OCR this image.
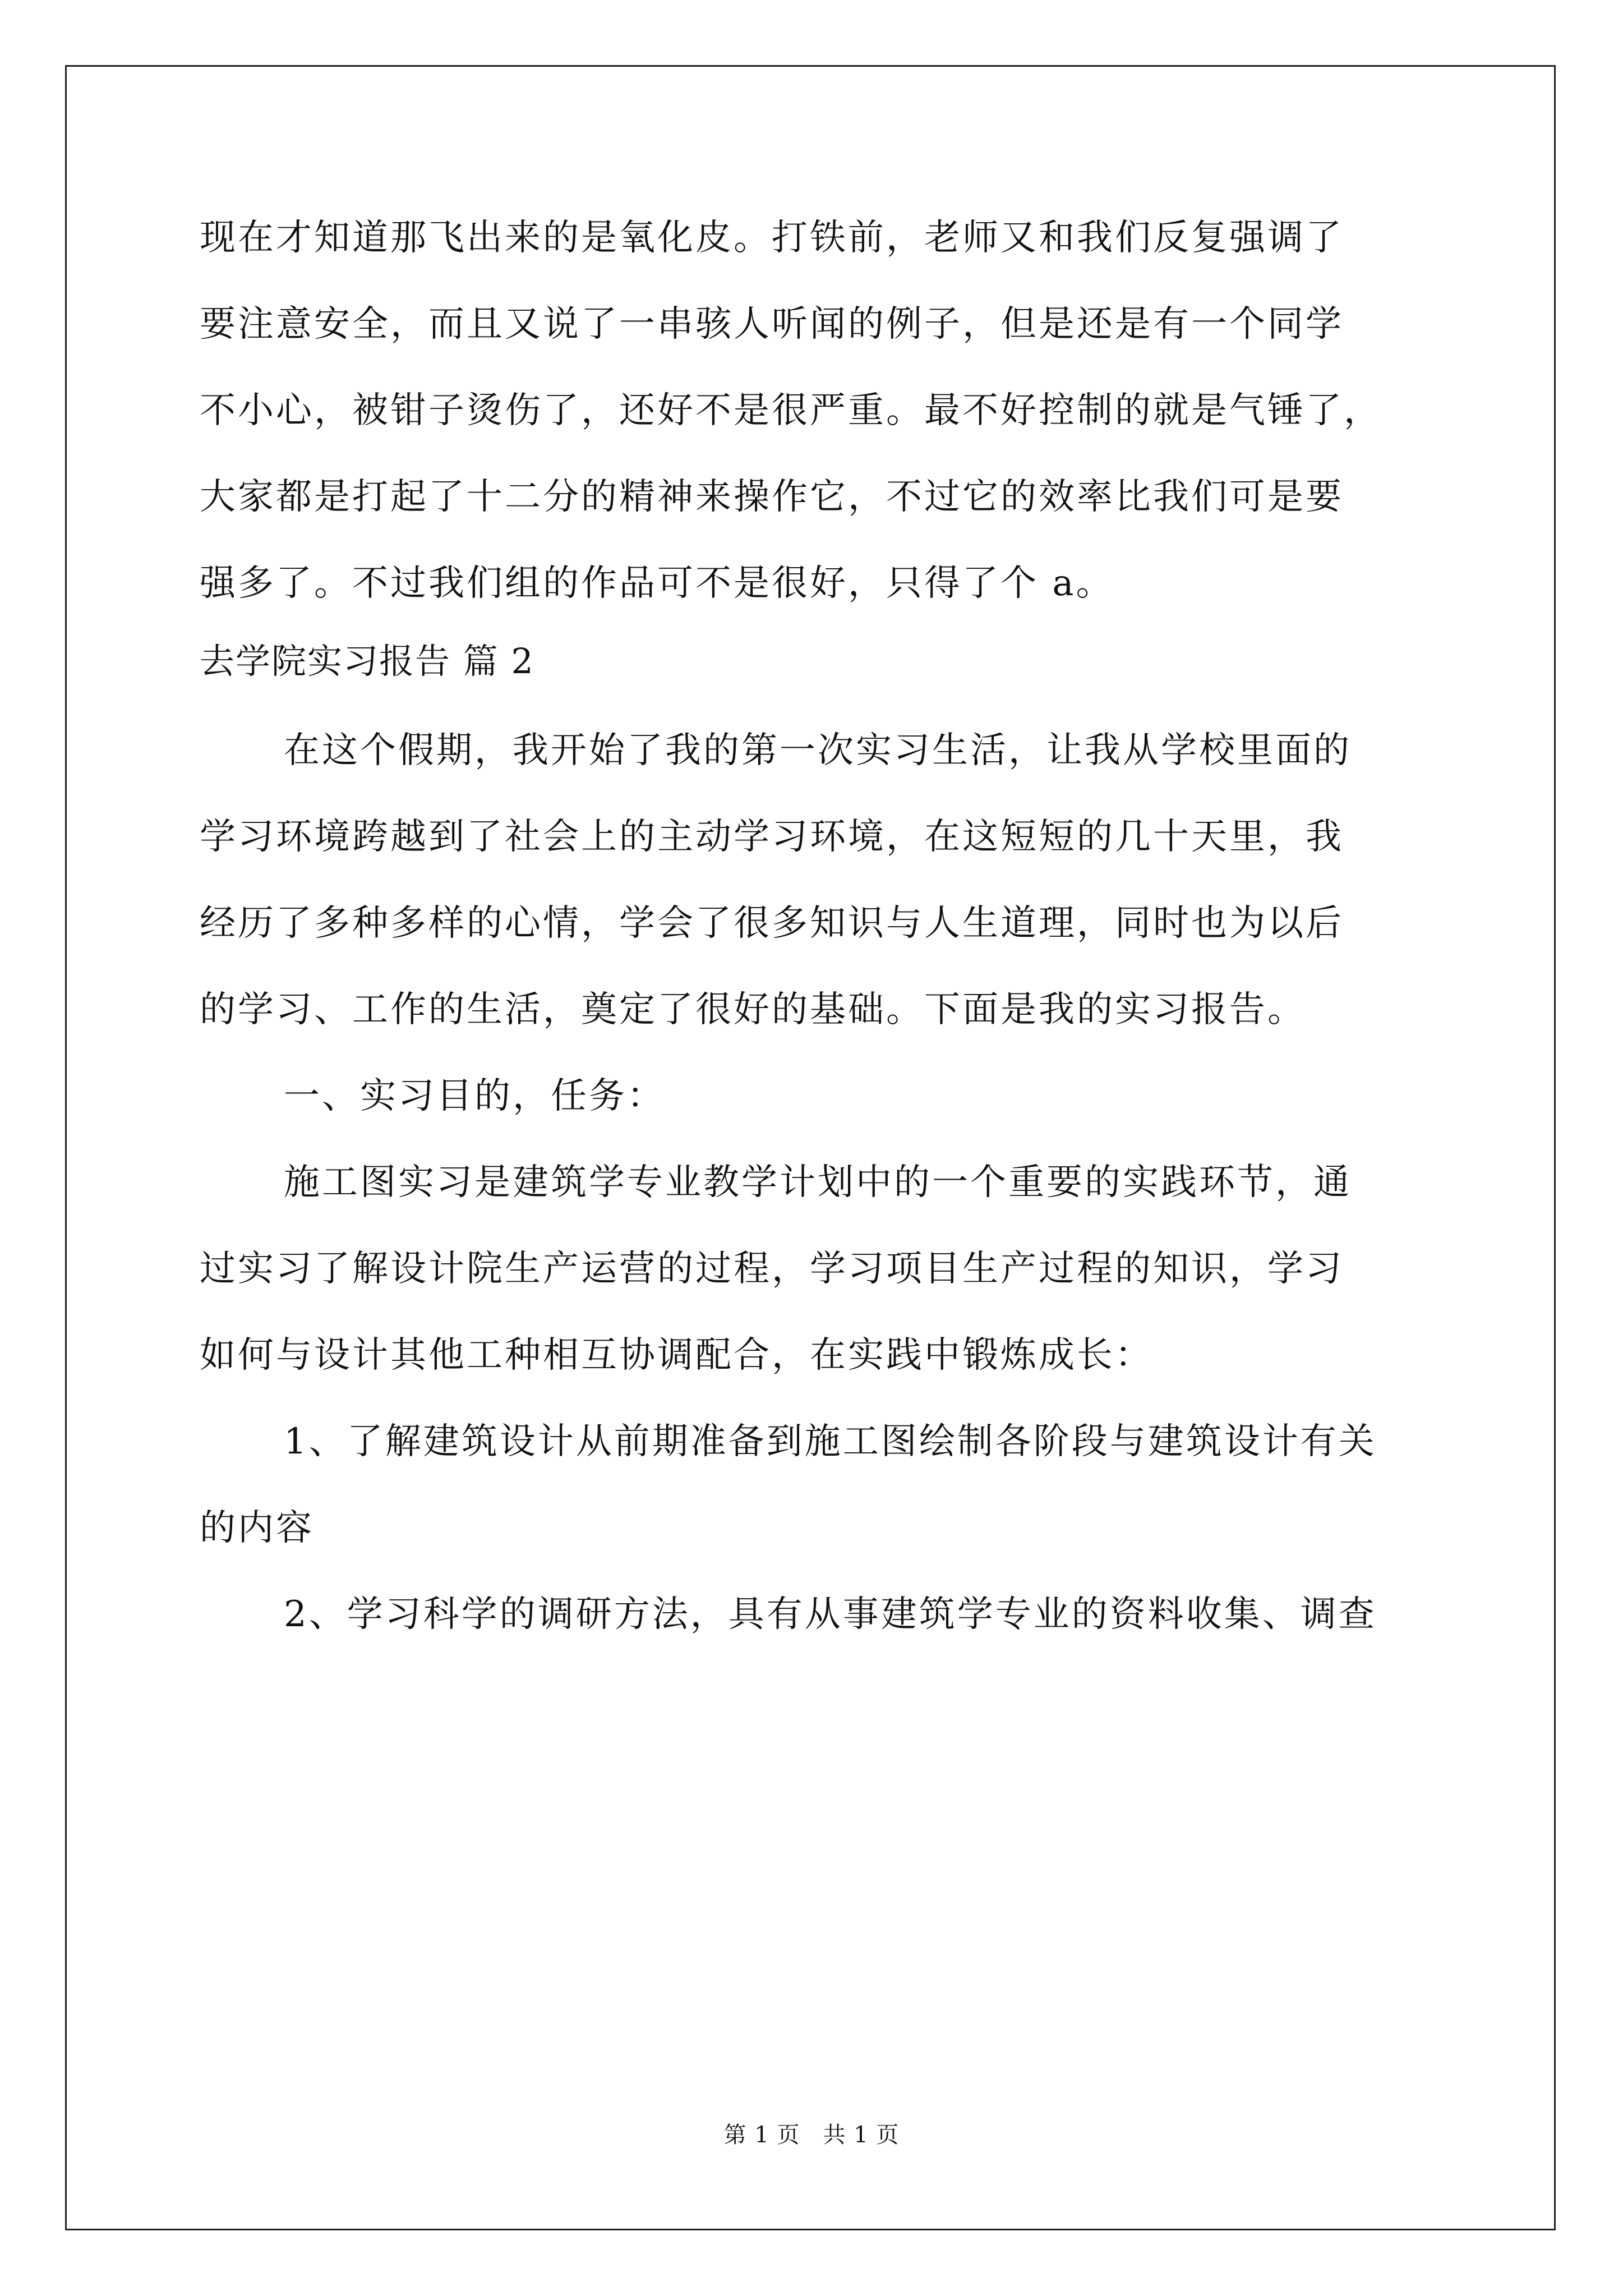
现在才知道那飞出来的是氧化皮。打铁前，老师又和我们反复强调了
要注意安全，而且又说了一串骇人听闻的例子，但是还是有一个同学
不小心，被钳子烫伤了，还好不是很严重。最不好控制的就是气锤了，
大家都是打起了十二分的精神来操作它，不过它的效率比我们可是要
强多了。不过我们组的作品可不是很好，只得了个 a。
去学院实习报告 篇 2
在这个假期，我开始了我的第一次实习生活，让我从学校里面的
学习环境跨越到了社会上的主动学习环境，在这短短的几十天里，我
经历了多种多样的心情，学会了很多知识与人生道理，同时也为以后
的学习、工作的生活，奠定了很好的基础。下面是我的实习报告。
一、实习目的，任务：
施工图实习是建筑学专业教学计划中的一个重要的实践环节，通
过实习了解设计院生产运营的过程，学习项目生产过程的知识，学习
如何与设计其他工种相互协调配合，在实践中锻炼成长：
1、了解建筑设计从前期准备到施工图绘制各阶段与建筑设计有关
的内容
2、学习科学的调研方法，具有从事建筑学专业的资料收集、调查
第 1 页　共 1 页
